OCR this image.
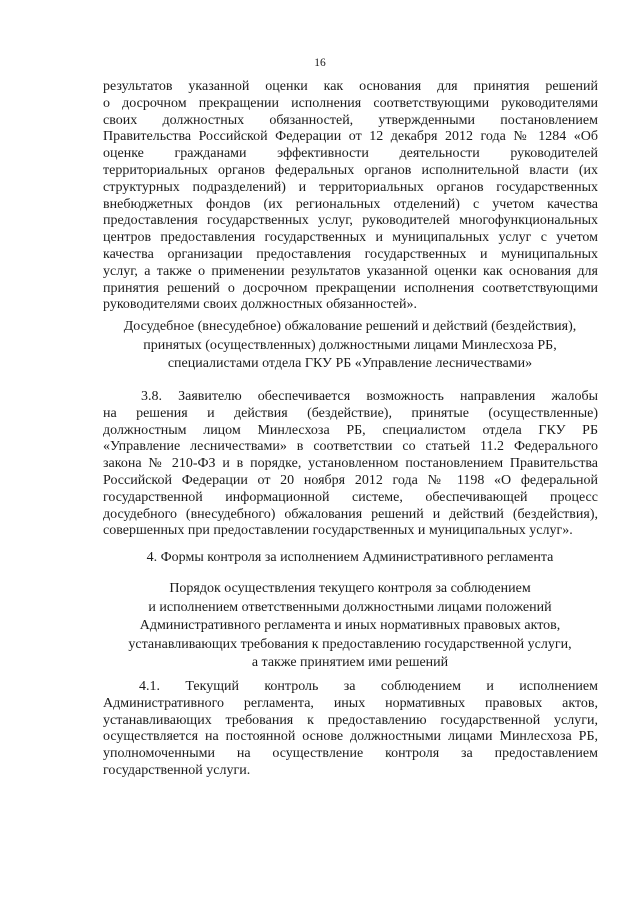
16
результатов указанной оценки как основания для принятия решений
о досрочном прекращении исполнения соответствующими руководителями
своих должностных обязанностей, утвержденными постановлением
Правительства Российской Федерации от 12 декабря 2012 года № 1284 «Об
оценке гражданами эффективности деятельности руководителей
территориальных органов федеральных органов исполнительной власти (их
структурных подразделений) и территориальных органов государственных
внебюджетных фондов (их региональных отделений) с учетом качества
предоставления государственных услуг, руководителей многофункциональных
центров предоставления государственных и муниципальных услуг с учетом
качества организации предоставления государственных и муниципальных
услуг, а также о применении результатов указанной оценки как основания для
принятия решений о досрочном прекращении исполнения соответствующими
руководителями своих должностных обязанностей».
Досудебное (внесудебное) обжалование решений и действий (бездействия),
принятых (осуществленных) должностными лицами Минлесхоза РБ,
специалистами отдела ГКУ РБ «Управление лесничествами»
3.8. Заявителю обеспечивается возможность направления жалобы
на решения и действия (бездействие), принятые (осуществленные)
должностным лицом Минлесхоза РБ, специалистом отдела ГКУ РБ
«Управление лесничествами» в соответствии со статьей 11.2 Федерального
закона № 210-ФЗ и в порядке, установленном постановлением Правительства
Российской Федерации от 20 ноября 2012 года № 1198 «О федеральной
государственной информационной системе, обеспечивающей процесс
досудебного (внесудебного) обжалования решений и действий (бездействия),
совершенных при предоставлении государственных и муниципальных услуг».
4. Формы контроля за исполнением Административного регламента
Порядок осуществления текущего контроля за соблюдением
и исполнением ответственными должностными лицами положений
Административного регламента и иных нормативных правовых актов,
устанавливающих требования к предоставлению государственной услуги,
а также принятием ими решений
4.1. Текущий контроль за соблюдением и исполнением
Административного регламента, иных нормативных правовых актов,
устанавливающих требования к предоставлению государственной услуги,
осуществляется на постоянной основе должностными лицами Минлесхоза РБ,
уполномоченными на осуществление контроля за предоставлением
государственной услуги.
